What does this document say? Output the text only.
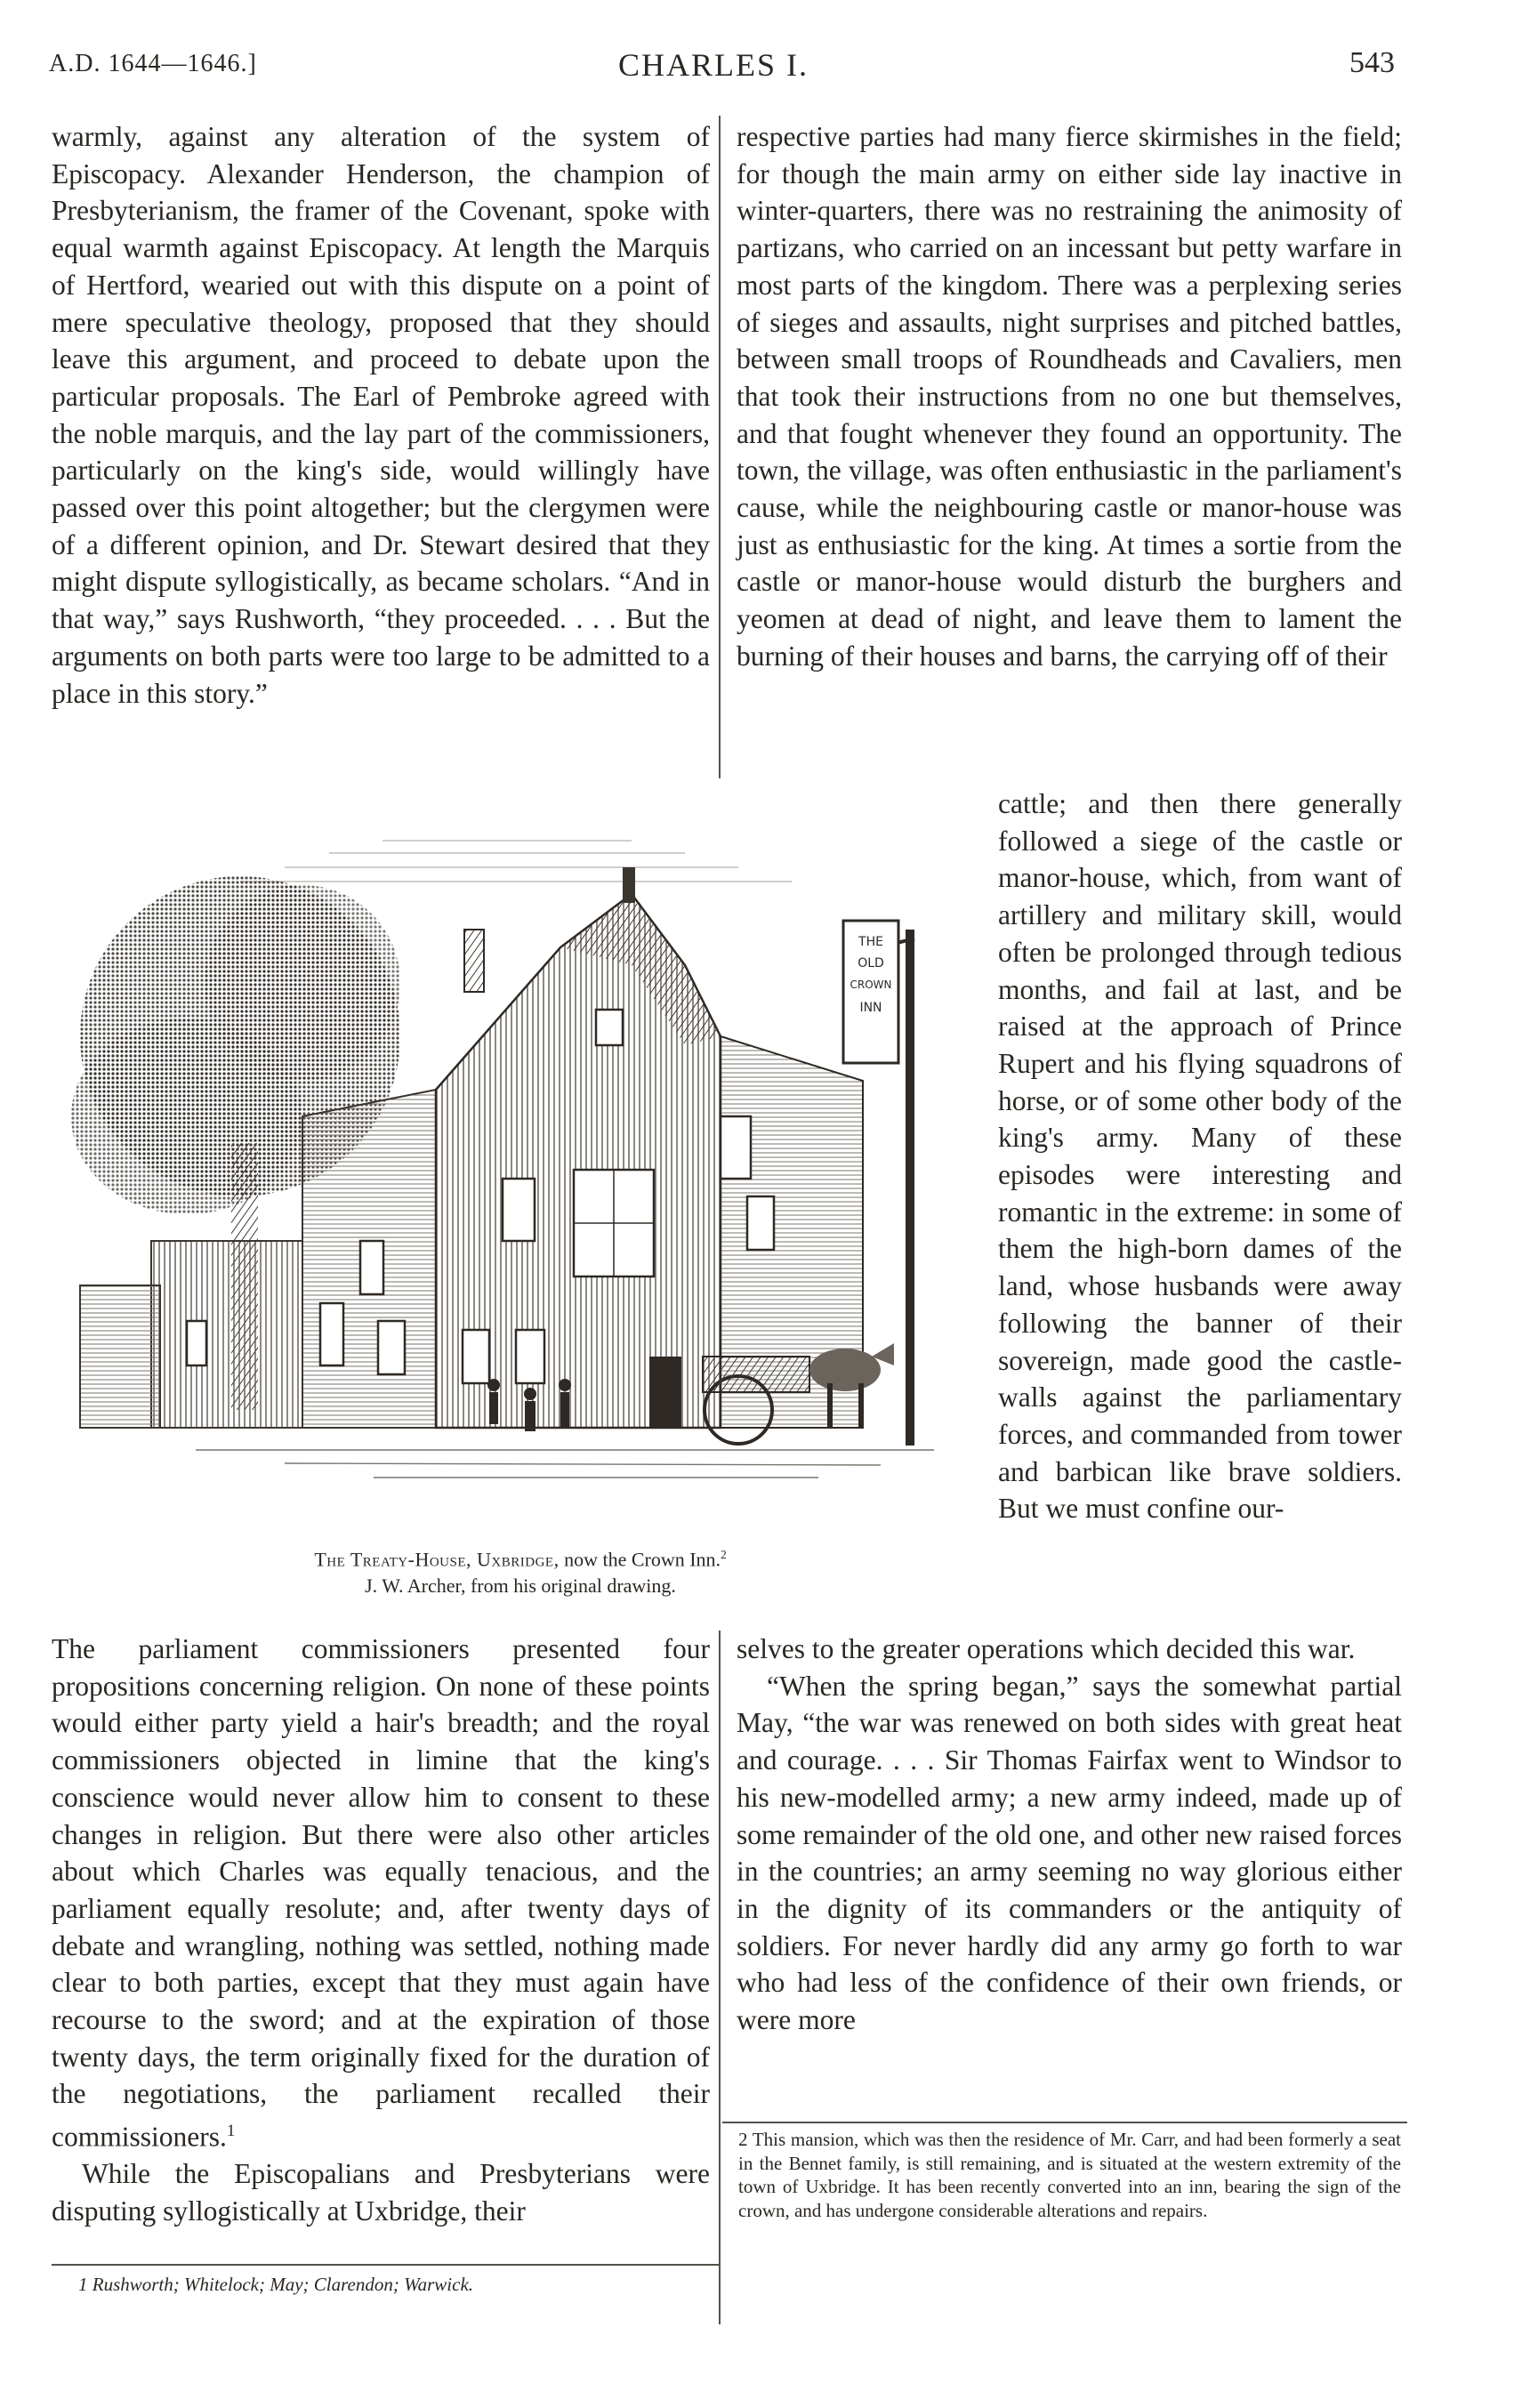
A.D. 1644—1646.]	CHARLES I.	543

warmly, against any alteration of the system of Episcopacy. Alexander Henderson, the champion of Presbyterianism, the framer of the Covenant, spoke with equal warmth against Episcopacy. At length the Marquis of Hertford, wearied out with this dispute on a point of mere speculative theology, proposed that they should leave this argument, and proceed to debate upon the particular proposals. The Earl of Pembroke agreed with the noble marquis, and the lay part of the commissioners, particularly on the king's side, would willingly have passed over this point altogether; but the clergymen were of a different opinion, and Dr. Stewart desired that they might dispute syllogistically, as became scholars. “And in that way,” says Rushworth, “they proceeded. . . . But the arguments on both parts were too large to be admitted to a place in this story.”

respective parties had many fierce skirmishes in the field; for though the main army on either side lay inactive in winter-quarters, there was no restraining the animosity of partizans, who carried on an incessant but petty warfare in most parts of the kingdom. There was a perplexing series of sieges and assaults, night surprises and pitched battles, between small troops of Roundheads and Cavaliers, men that took their instructions from no one but themselves, and that fought whenever they found an opportunity. The town, the village, was often enthusiastic in the parliament's cause, while the neighbouring castle or manor-house was just as enthusiastic for the king. At times a sortie from the castle or manor-house would disturb the burghers and yeomen at dead of night, and leave them to lament the burning of their houses and barns, the carrying off of their

cattle; and then there generally followed a siege of the castle or manor-house, which, from want of artillery and military skill, would often be prolonged through tedious months, and fail at last, and be raised at the approach of Prince Rupert and his flying squadrons of horse, or of some other body of the king's army. Many of these episodes were interesting and romantic in the extreme: in some of them the high-born dames of the land, whose husbands were away following the banner of their sovereign, made good the castle-walls against the parliamentary forces, and commanded from tower and barbican like brave soldiers. But we must confine our-

THE
OLD
CROWN
INN
The Treaty-House, Uxbridge, now the Crown Inn.$^2$
J. W. Archer, from his original drawing.

The parliament commissioners presented four propositions concerning religion. On none of these points would either party yield a hair's breadth; and the royal commissioners objected in limine that the king's conscience would never allow him to consent to these changes in religion. But there were also other articles about which Charles was equally tenacious, and the parliament equally resolute; and, after twenty days of debate and wrangling, nothing was settled, nothing made clear to both parties, except that they must again have recourse to the sword; and at the expiration of those twenty days, the term originally fixed for the duration of the negotiations, the parliament recalled their commissioners.$^1$

While the Episcopalians and Presbyterians were disputing syllogistically at Uxbridge, their

selves to the greater operations which decided this war.

“When the spring began,” says the somewhat partial May, “the war was renewed on both sides with great heat and courage. . . . Sir Thomas Fairfax went to Windsor to his new-modelled army; a new army indeed, made up of some remainder of the old one, and other new raised forces in the countries; an army seeming no way glorious either in the dignity of its commanders or the antiquity of soldiers. For never hardly did any army go forth to war who had less of the confidence of their own friends, or were more

1 Rushworth; Whitelock; May; Clarendon; Warwick.
2 This mansion, which was then the residence of Mr. Carr, and had been formerly a seat in the Bennet family, is still remaining, and is situated at the western extremity of the town of Uxbridge. It has been recently converted into an inn, bearing the sign of the crown, and has undergone considerable alterations and repairs.
